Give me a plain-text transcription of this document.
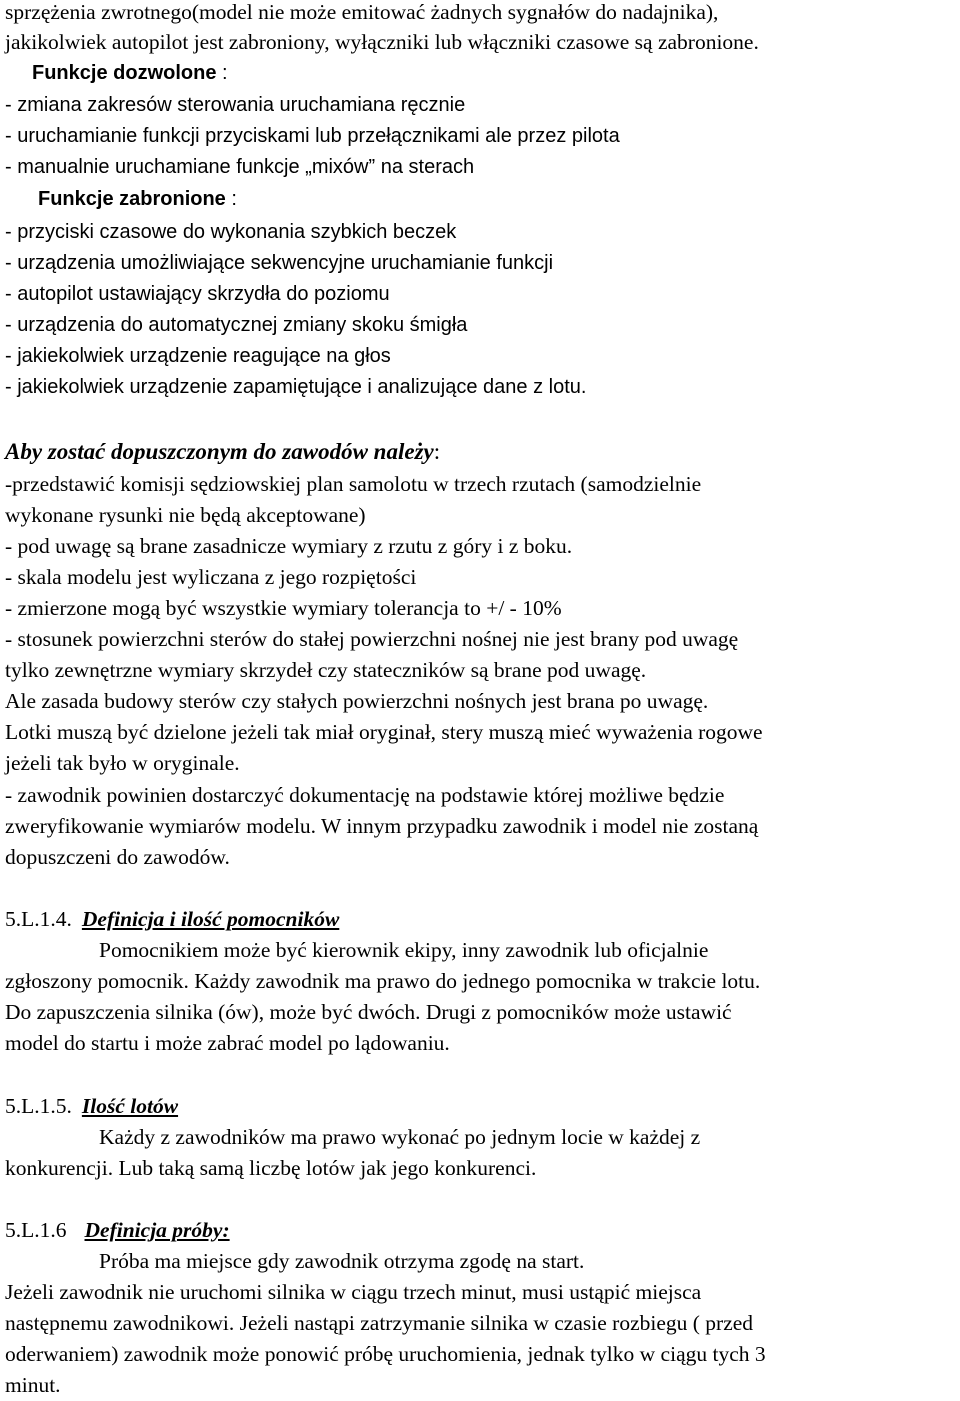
sprzężenia zwrotnego(model nie może emitować żadnych sygnałów do nadajnika),
jakikolwiek autopilot jest zabroniony, wyłączniki lub włączniki czasowe są zabronione.
Funkcje dozwolone :
- zmiana zakresów sterowania uruchamiana ręcznie
- uruchamianie funkcji przyciskami lub przełącznikami ale przez pilota
- manualnie uruchamiane funkcje „mixów” na sterach
Funkcje zabronione :
- przyciski czasowe do wykonania szybkich beczek
- urządzenia umożliwiające sekwencyjne uruchamianie funkcji
- autopilot ustawiający skrzydła do poziomu
- urządzenia do automatycznej zmiany skoku śmigła
- jakiekolwiek urządzenie reagujące na głos
- jakiekolwiek urządzenie zapamiętujące i analizujące dane z lotu.
Aby zostać dopuszczonym do zawodów należy:
-przedstawić komisji sędziowskiej plan samolotu w trzech rzutach (samodzielnie
wykonane rysunki nie będą akceptowane)
- pod uwagę są brane zasadnicze wymiary z rzutu z góry i z boku.
- skala modelu jest wyliczana z jego rozpiętości
- zmierzone mogą być wszystkie wymiary tolerancja to +/ - 10%
- stosunek powierzchni sterów do stałej powierzchni nośnej nie jest brany pod uwagę
tylko zewnętrzne wymiary skrzydeł czy stateczników są brane pod uwagę.
Ale zasada budowy sterów czy stałych powierzchni nośnych jest brana po uwagę.
Lotki muszą być dzielone jeżeli tak miał oryginał, stery muszą mieć wyważenia rogowe
jeżeli tak było w oryginale.
- zawodnik powinien dostarczyć dokumentację na podstawie której możliwe będzie
zweryfikowanie wymiarów modelu. W innym przypadku zawodnik i model nie zostaną
dopuszczeni do zawodów.
5.L.1.4. Definicja i ilość pomocników
Pomocnikiem może być kierownik ekipy, inny zawodnik lub oficjalnie
zgłoszony pomocnik. Każdy zawodnik ma prawo do jednego pomocnika w trakcie lotu.
Do zapuszczenia silnika (ów), może być dwóch. Drugi z pomocników może ustawić
model do startu i może zabrać model po lądowaniu.
5.L.1.5. Ilość lotów
Każdy z zawodników ma prawo wykonać po jednym locie w każdej z
konkurencji. Lub taką samą liczbę lotów jak jego konkurenci.
5.L.1.6 Definicja próby:
Próba ma miejsce gdy zawodnik otrzyma zgodę na start.
Jeżeli zawodnik nie uruchomi silnika w ciągu trzech minut, musi ustąpić miejsca
następnemu zawodnikowi. Jeżeli nastąpi zatrzymanie silnika w czasie rozbiegu ( przed
oderwaniem) zawodnik może ponowić próbę uruchomienia, jednak tylko w ciągu tych 3
minut.
